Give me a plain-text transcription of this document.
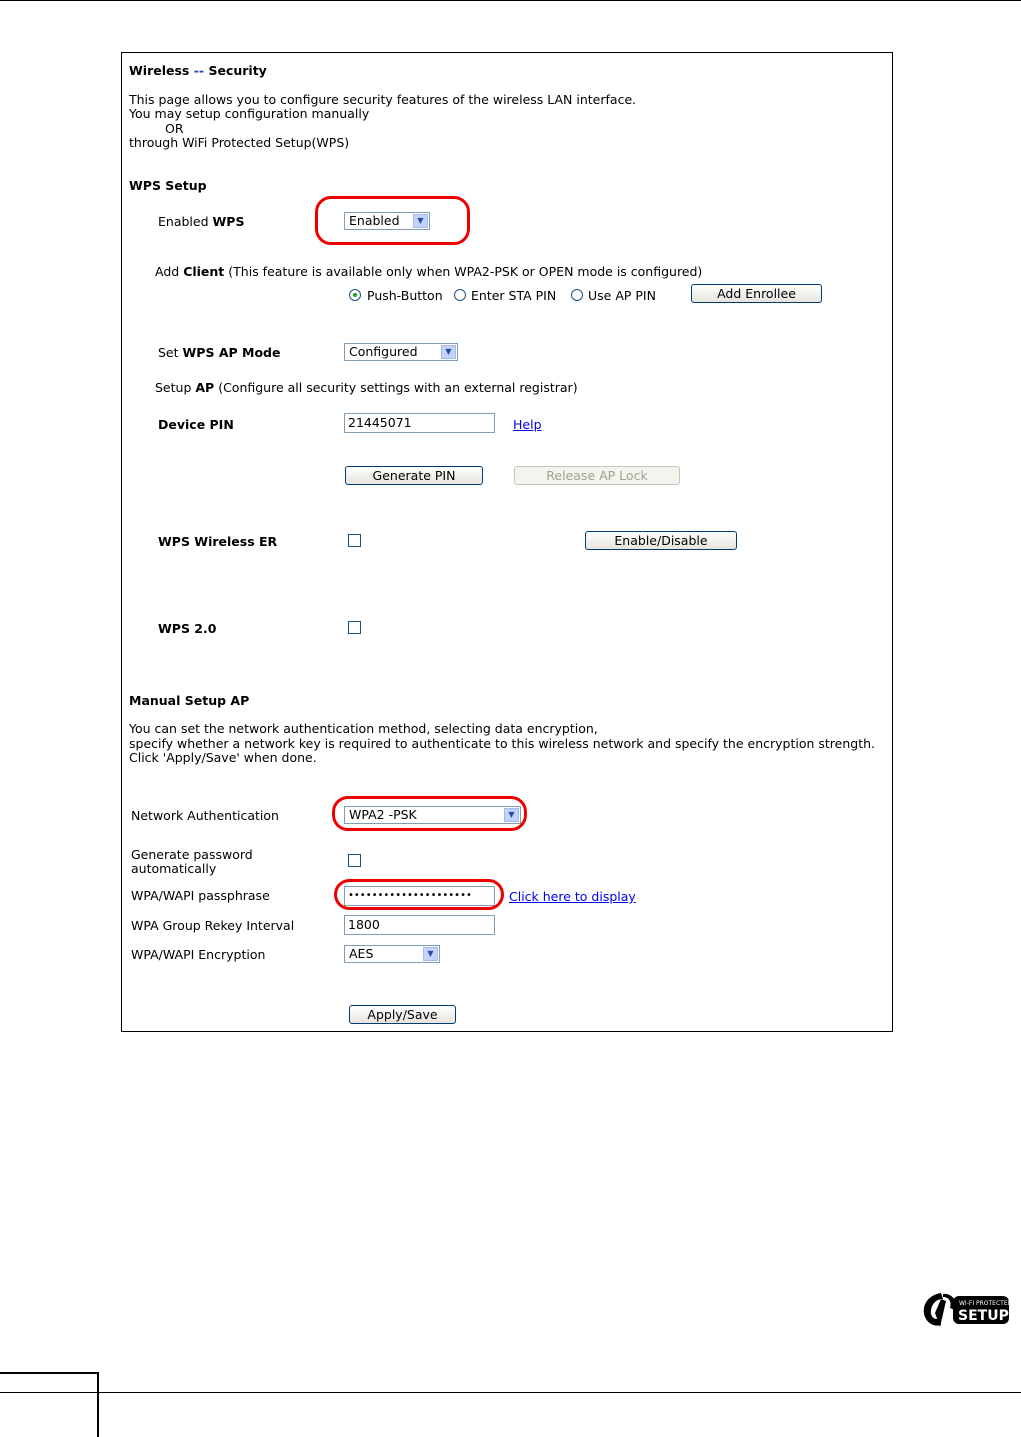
Wireless -- Security
This page allows you to configure security features of the wireless LAN interface.
You may setup configuration manually
OR
through WiFi Protected Setup(WPS)
WPS Setup
Enabled WPS	Enabled	▼
Add Client (This feature is available only when WPA2-PSK or OPEN mode is configured)
Push-Button Enter STA PIN	Use AP PIN	Add Enrollee
Set WPS AP Mode	Configured	▼
Setup AP (Configure all security settings with an external registrar)
Device PIN	21445071	Help
Generate PIN	Release AP Lock
WPS Wireless ER	Enable/Disable
WPS 2.0
Manual Setup AP
You can set the network authentication method, selecting data encryption,
specify whether a network key is required to authenticate to this wireless network and specify the encryption strength.
Click 'Apply/Save' when done.
Network Authentication	WPA2 -PSK	▼
Generate password
automatically
WPA/WAPI passphrase	•••••••••••••••••••••	Click here to display
WPA Group Rekey Interval	1800
WPA/WAPI Encryption	AES	▼
Apply/Save
WI-FI PROTECTED
SETUP
